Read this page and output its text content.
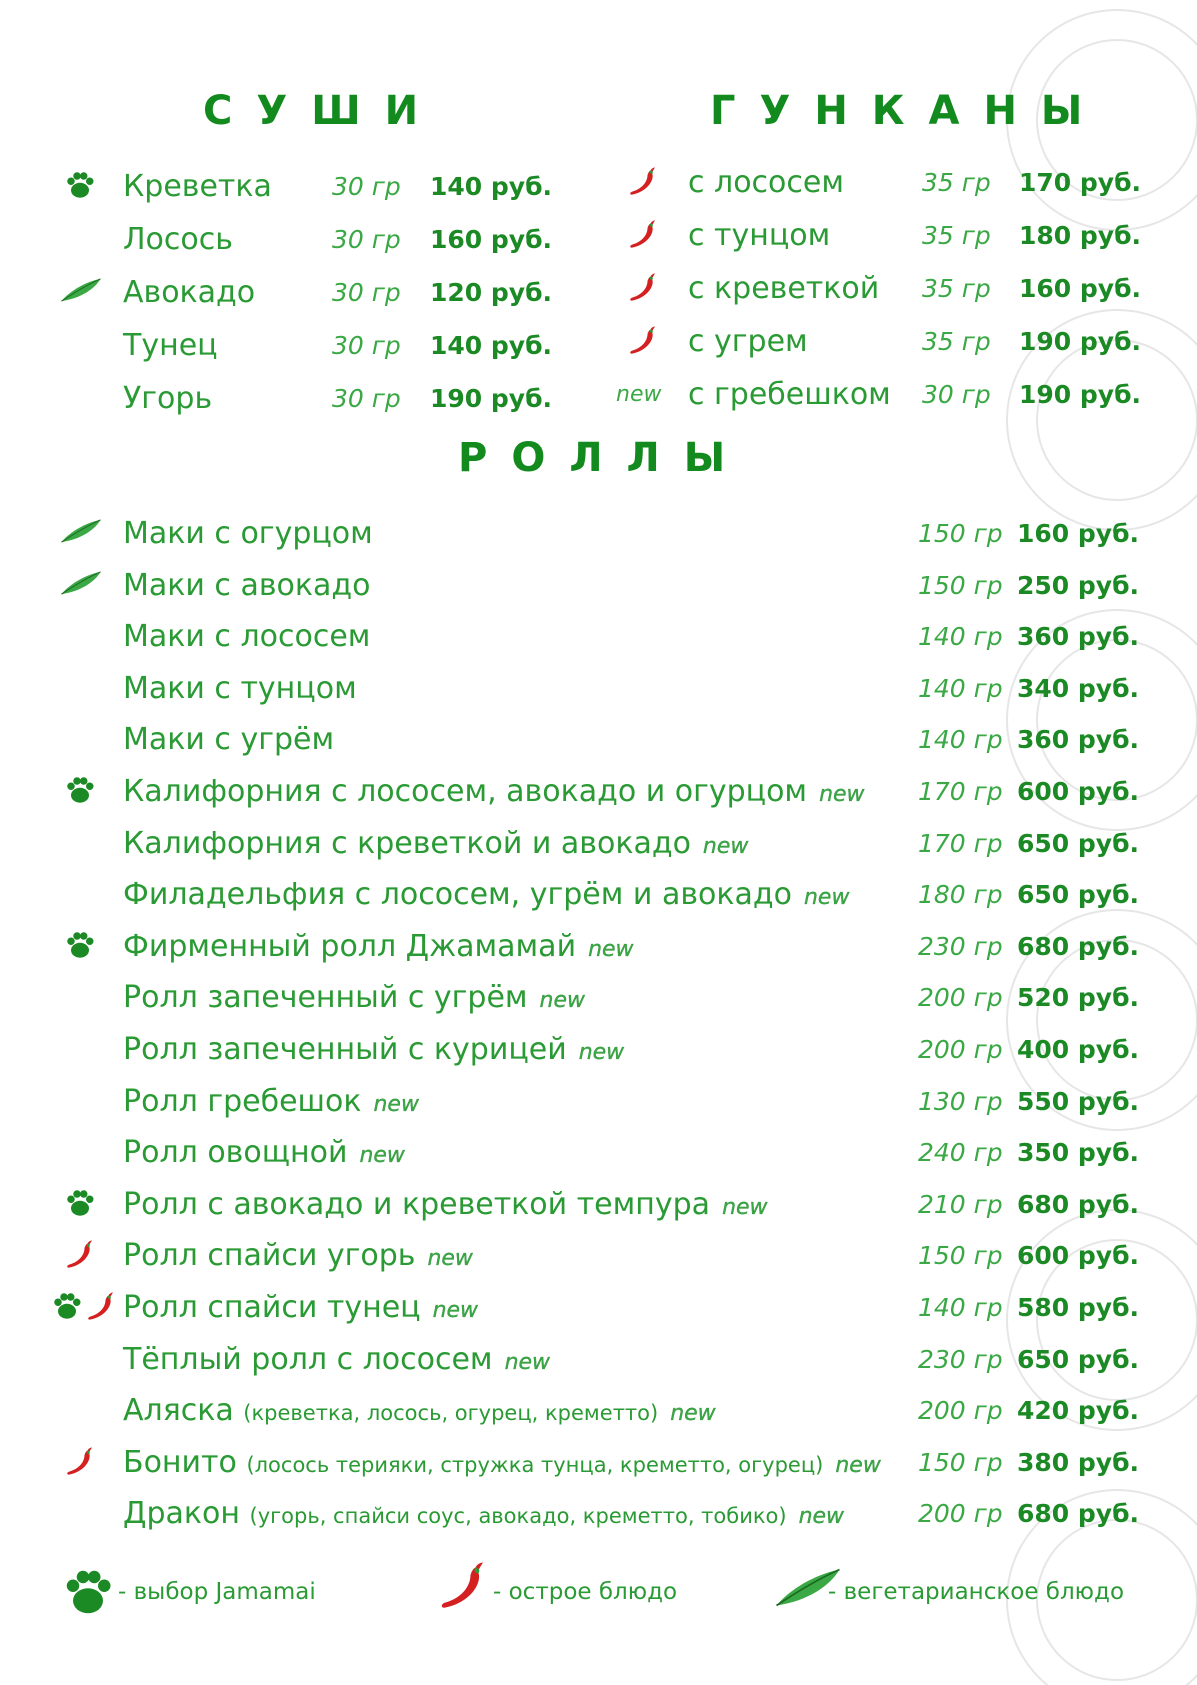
СУШИ	ГУНКАНЫ
РОЛЛЫ
Креветка 30 гр 140 руб.
Лосось	30 гр 160 руб.
Авокадо	30 гр 120 руб.
Тунец	30 гр 140 руб.
Угорь	30 гр 190 руб.
с лососем	35 гр 170 руб.
с тунцом	35 гр 180 руб.
с креветкой 35 гр 160 руб.
с угрем	35 гр 190 руб.
new с гребешком 30 гр 190 руб.
Маки с огурцом	150 гр 160 руб.
Маки с авокадо	150 гр 250 руб.
Маки с лососем	140 гр 360 руб.
Маки с тунцом	140 гр 340 руб.
Маки с угрём	140 гр 360 руб.
Калифорния с лососем, авокадо и огурцом new 170 гр 600 руб.
Калифорния с креветкой и авокадо new	170 гр 650 руб.
Филадельфия с лососем, угрём и авокадо new	180 гр 650 руб.
Фирменный ролл Джамамай new	230 гр 680 руб.
Ролл запеченный с угрём new	200 гр 520 руб.
Ролл запеченный с курицей new	200 гр 400 руб.
Ролл гребешок new	130 гр 550 руб.
Ролл овощной new	240 гр 350 руб.
Ролл с авокадо и креветкой темпура new	210 гр 680 руб.
Ролл спайси угорь new	150 гр 600 руб.
Ролл спайси тунец new	140 гр 580 руб.
Тёплый ролл с лососем new	230 гр 650 руб.
Аляска (креветка, лосось, огурец, креметто) new	200 гр 420 руб.
Бонито (лосось терияки, стружка тунца, креметто, огурец) new 150 гр 380 руб.
Дракон (угорь, спайси соус, авокадо, креметто, тобико) new	200 гр 680 руб.
- выбор Jamamai	- острое блюдо	- вегетарианское блюдо
